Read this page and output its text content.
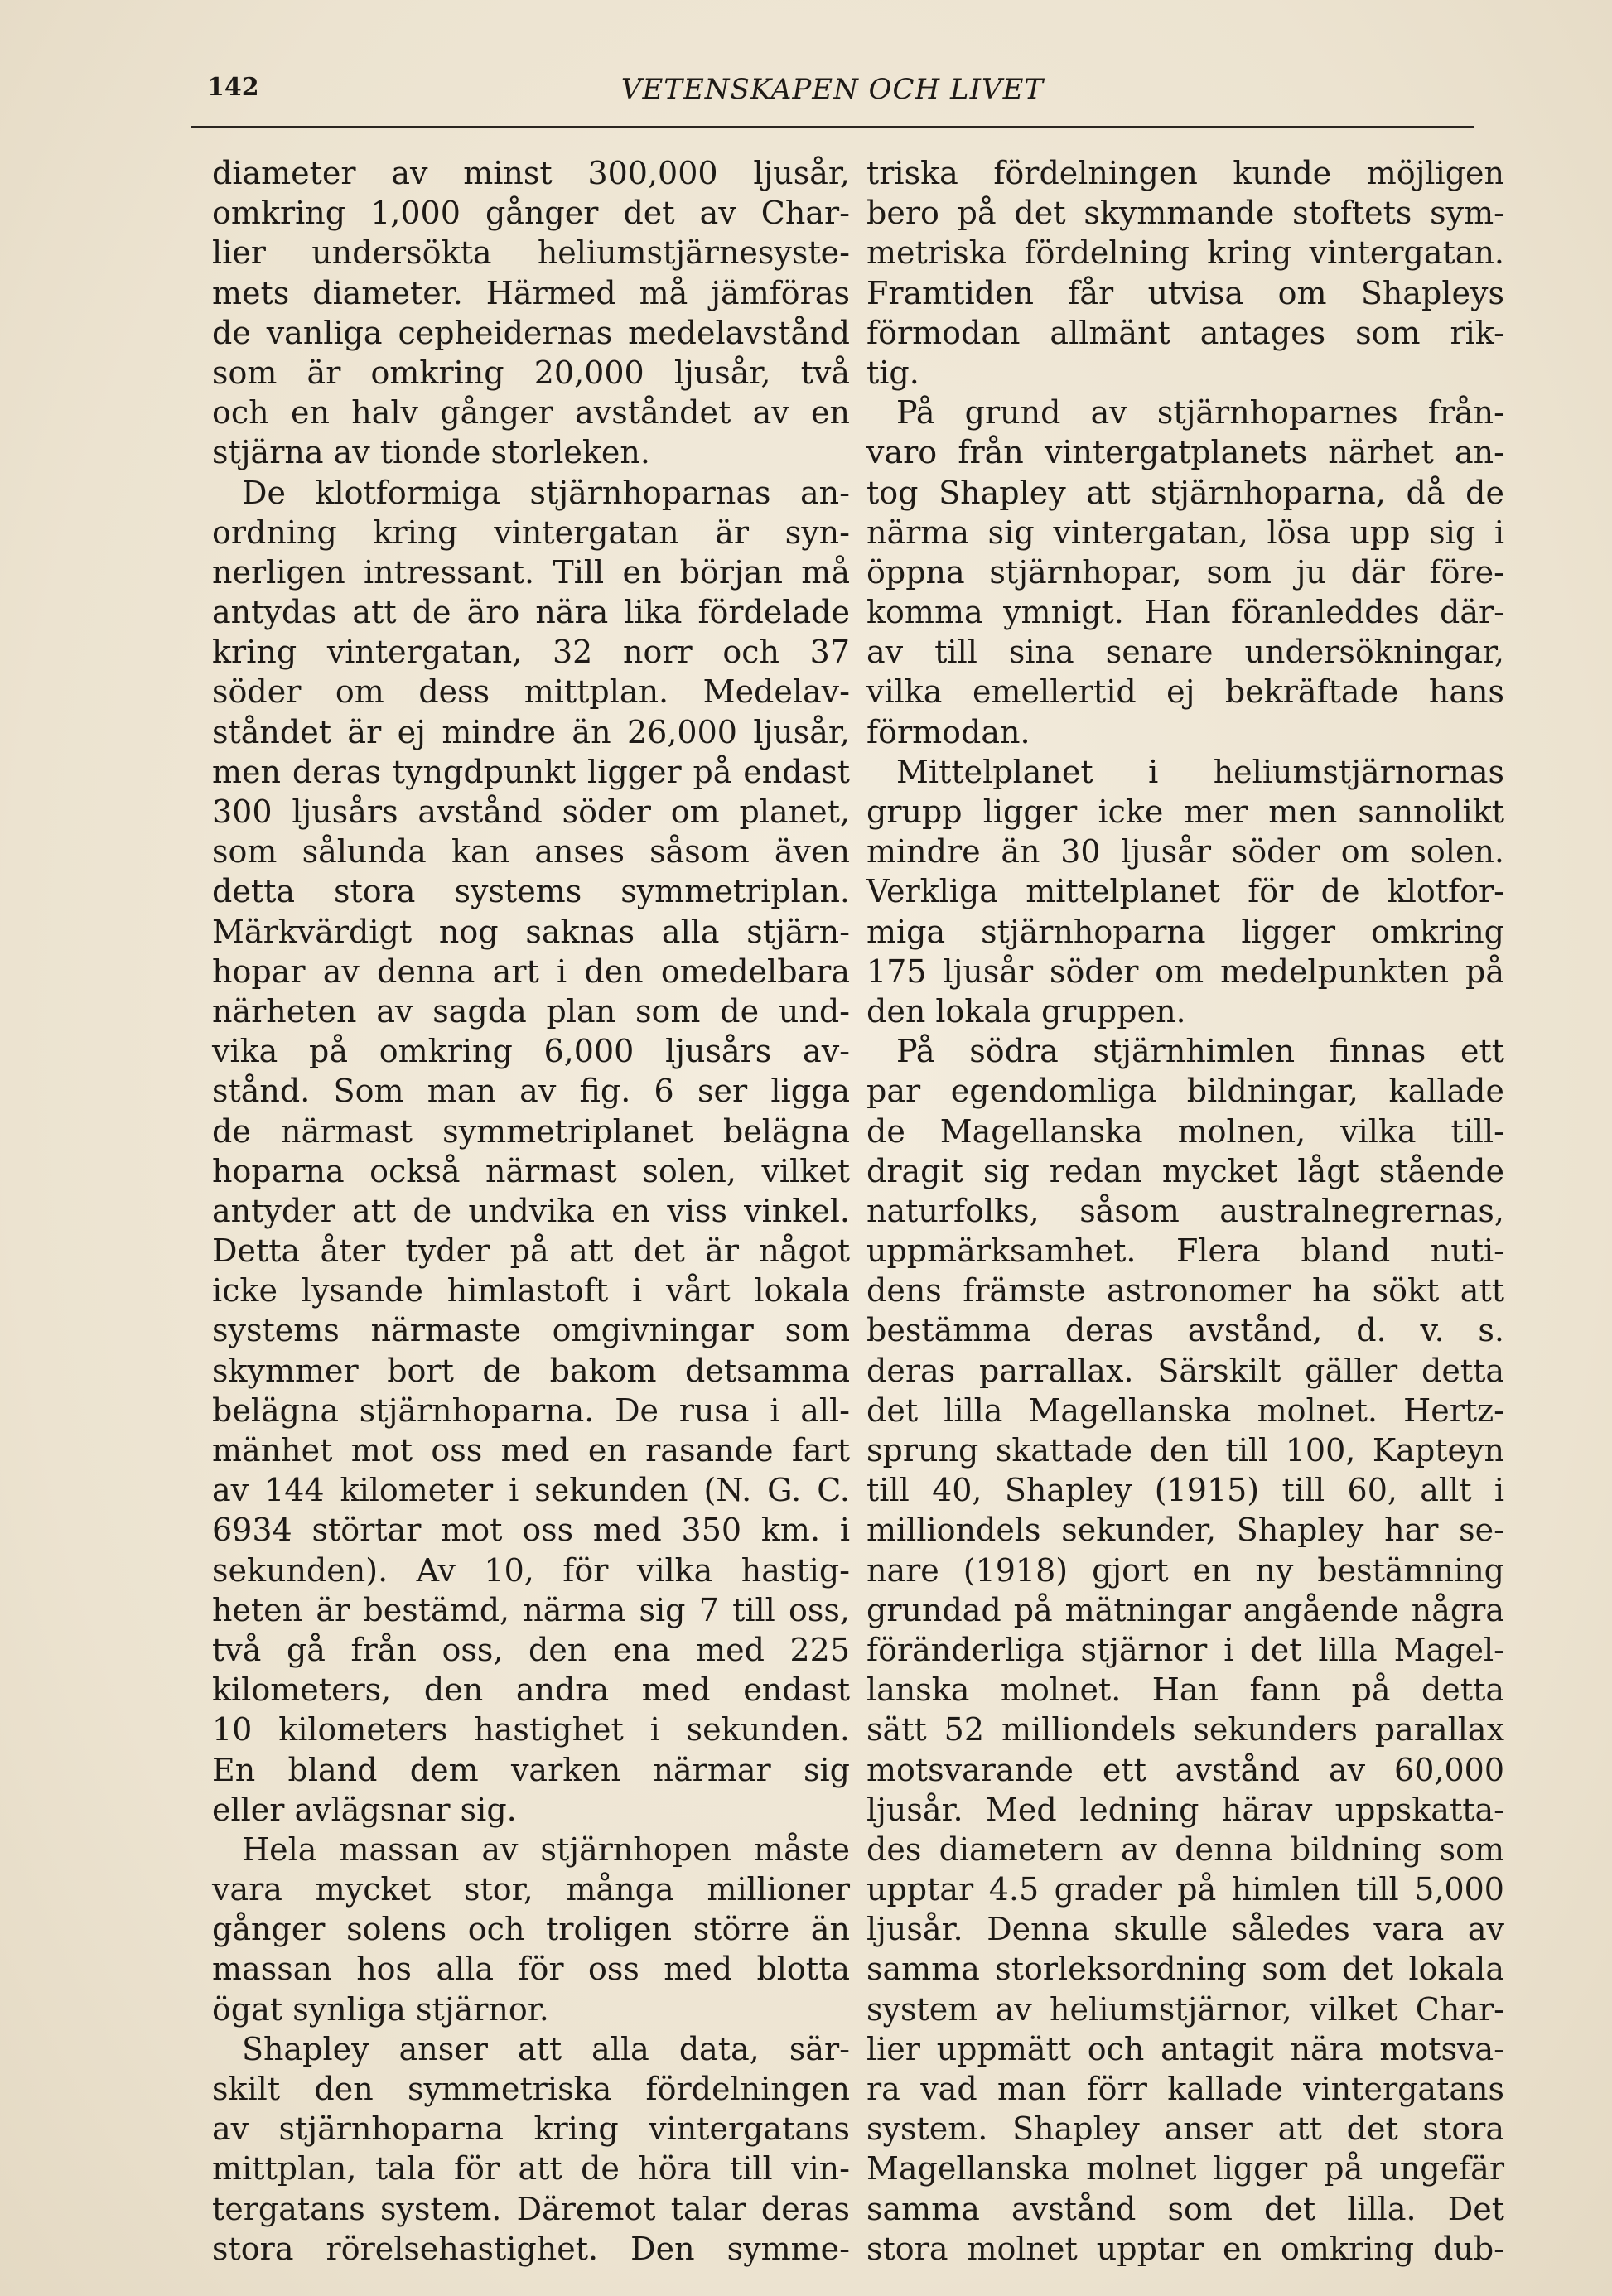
142	VETENSKAPEN OCH LIVET
diameter av minst 300,000 ljusår,
omkring 1,000 gånger det av Char-
lier undersökta heliumstjärnesyste-
mets diameter. Härmed må jämföras
de vanliga cepheidernas medelavstånd
som är omkring 20,000 ljusår, två
och en halv gånger avståndet av en
stjärna av tionde storleken.
De klotformiga stjärnhoparnas an-
ordning kring vintergatan är syn-
nerligen intressant. Till en början må
antydas att de äro nära lika fördelade
kring vintergatan, 32 norr och 37
söder om dess mittplan. Medelav-
ståndet är ej mindre än 26,000 ljusår,
men deras tyngdpunkt ligger på endast
300 ljusårs avstånd söder om planet,
som sålunda kan anses såsom även
detta stora systems symmetriplan.
Märkvärdigt nog saknas alla stjärn-
hopar av denna art i den omedelbara
närheten av sagda plan som de und-
vika på omkring 6,000 ljusårs av-
stånd. Som man av fig. 6 ser ligga
de närmast symmetriplanet belägna
hoparna också närmast solen, vilket
antyder att de undvika en viss vinkel.
Detta åter tyder på att det är något
icke lysande himlastoft i vårt lokala
systems närmaste omgivningar som
skymmer bort de bakom detsamma
belägna stjärnhoparna. De rusa i all-
mänhet mot oss med en rasande fart
av 144 kilometer i sekunden (N. G. C.
6934 störtar mot oss med 350 km. i
sekunden). Av 10, för vilka hastig-
heten är bestämd, närma sig 7 till oss,
två gå från oss, den ena med 225
kilometers, den andra med endast
10 kilometers hastighet i sekunden.
En bland dem varken närmar sig
eller avlägsnar sig.
Hela massan av stjärnhopen måste
vara mycket stor, många millioner
gånger solens och troligen större än
massan hos alla för oss med blotta
ögat synliga stjärnor.
Shapley anser att alla data, sär-
skilt den symmetriska fördelningen
av stjärnhoparna kring vintergatans
mittplan, tala för att de höra till vin-
tergatans system. Däremot talar deras
stora rörelsehastighet. Den symme-
triska fördelningen kunde möjligen
bero på det skymmande stoftets sym-
metriska fördelning kring vintergatan.
Framtiden får utvisa om Shapleys
förmodan allmänt antages som rik-
tig.
På grund av stjärnhoparnes från-
varo från vintergatplanets närhet an-
tog Shapley att stjärnhoparna, då de
närma sig vintergatan, lösa upp sig i
öppna stjärnhopar, som ju där före-
komma ymnigt. Han föranleddes där-
av till sina senare undersökningar,
vilka emellertid ej bekräftade hans
förmodan.
Mittelplanet i heliumstjärnornas
grupp ligger icke mer men sannolikt
mindre än 30 ljusår söder om solen.
Verkliga mittelplanet för de klotfor-
miga stjärnhoparna ligger omkring
175 ljusår söder om medelpunkten på
den lokala gruppen.
På södra stjärnhimlen finnas ett
par egendomliga bildningar, kallade
de Magellanska molnen, vilka till-
dragit sig redan mycket lågt stående
naturfolks, såsom australnegrernas,
uppmärksamhet. Flera bland nuti-
dens främste astronomer ha sökt att
bestämma deras avstånd, d. v. s.
deras parrallax. Särskilt gäller detta
det lilla Magellanska molnet. Hertz-
sprung skattade den till 100, Kapteyn
till 40, Shapley (1915) till 60, allt i
milliondels sekunder, Shapley har se-
nare (1918) gjort en ny bestämning
grundad på mätningar angående några
föränderliga stjärnor i det lilla Magel-
lanska molnet. Han fann på detta
sätt 52 milliondels sekunders parallax
motsvarande ett avstånd av 60,000
ljusår. Med ledning härav uppskatta-
des diametern av denna bildning som
upptar 4.5 grader på himlen till 5,000
ljusår. Denna skulle således vara av
samma storleksordning som det lokala
system av heliumstjärnor, vilket Char-
lier uppmätt och antagit nära motsva-
ra vad man förr kallade vintergatans
system. Shapley anser att det stora
Magellanska molnet ligger på ungefär
samma avstånd som det lilla. Det
stora molnet upptar en omkring dub-
